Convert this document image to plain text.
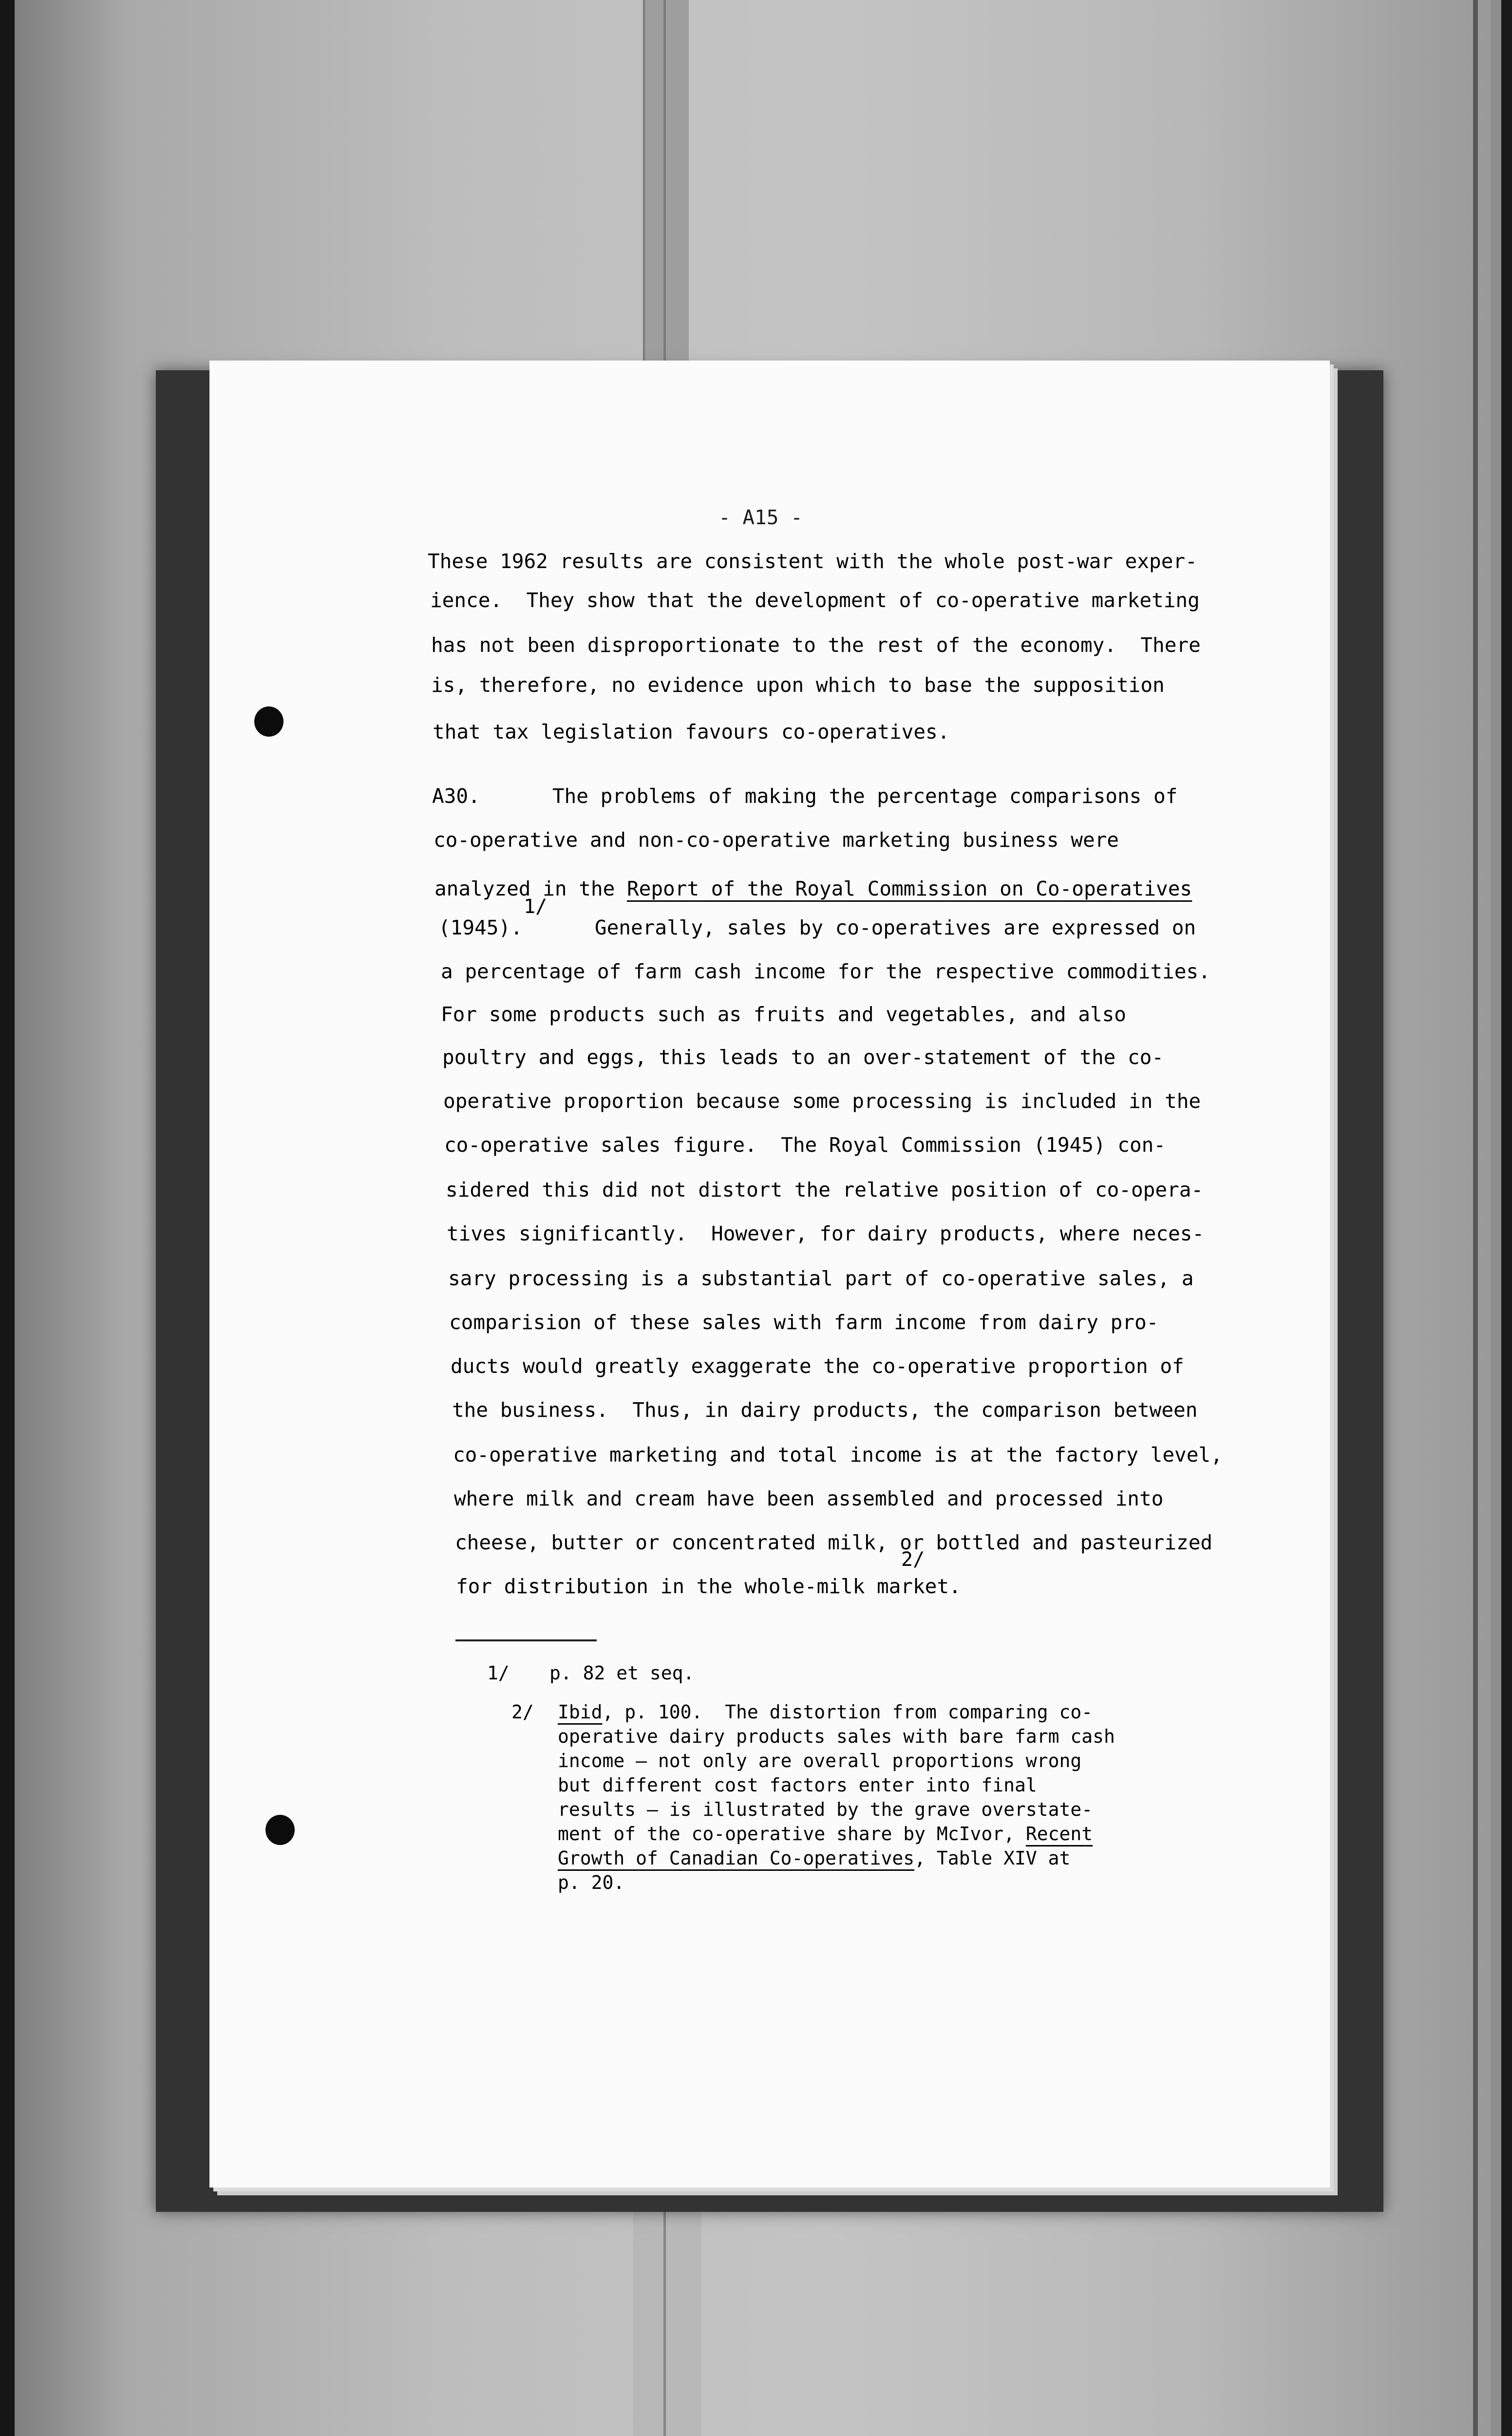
- A15 -
These 1962 results are consistent with the whole post-war exper-
ience.  They show that the development of co-operative marketing
has not been disproportionate to the rest of the economy.  There
is, therefore, no evidence upon which to base the supposition
that tax legislation favours co-operatives.
A30.      The problems of making the percentage comparisons of
co-operative and non-co-operative marketing business were
analyzed in the Report of the Royal Commission on Co-operatives
1/
(1945).      Generally, sales by co-operatives are expressed on
a percentage of farm cash income for the respective commodities.
For some products such as fruits and vegetables, and also
poultry and eggs, this leads to an over-statement of the co-
operative proportion because some processing is included in the
co-operative sales figure.  The Royal Commission (1945) con-
sidered this did not distort the relative position of co-opera-
tives significantly.  However, for dairy products, where neces-
sary processing is a substantial part of co-operative sales, a
comparision of these sales with farm income from dairy pro-
ducts would greatly exaggerate the co-operative proportion of
the business.  Thus, in dairy products, the comparison between
co-operative marketing and total income is at the factory level,
where milk and cream have been assembled and processed into
cheese, butter or concentrated milk, or bottled and pasteurized
for distribution in the whole-milk market.
2/
1/ p. 82 et seq.
2/ Ibid, p. 100.  The distortion from comparing co-
operative dairy products sales with bare farm cash
income — not only are overall proportions wrong
but different cost factors enter into final
results — is illustrated by the grave overstate-
ment of the co-operative share by McIvor, Recent
Growth of Canadian Co-operatives, Table XIV at
p. 20.
